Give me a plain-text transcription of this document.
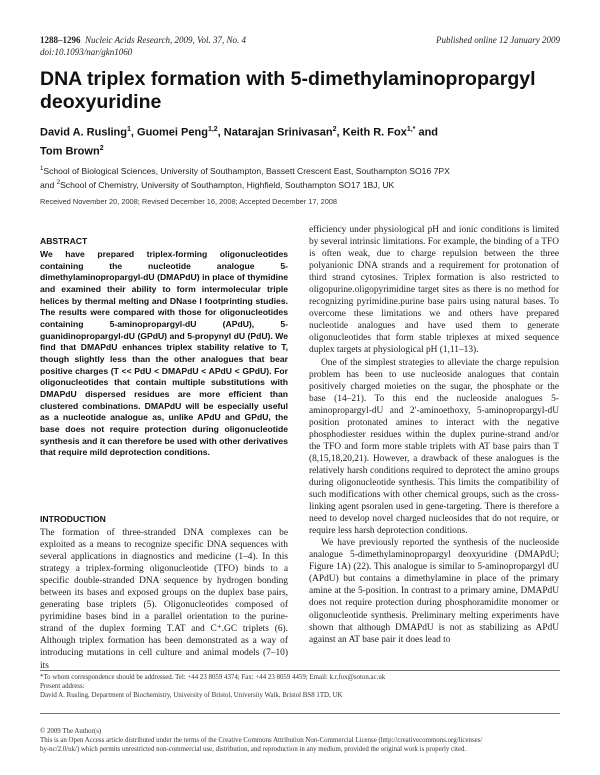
1288–1296 Nucleic Acids Research, 2009, Vol. 37, No. 4
doi:10.1093/nar/gkn1060
Published online 12 January 2009
DNA triplex formation with 5-dimethylaminopropargyl deoxyuridine
David A. Rusling$^1$, Guomei Peng$^{1,2}$, Natarajan Srinivasan$^2$, Keith R. Fox$^{1,*}$ and
Tom Brown$^2$
$^1$School of Biological Sciences, University of Southampton, Bassett Crescent East, Southampton SO16 7PX
and $^2$School of Chemistry, University of Southampton, Highfield, Southampton SO17 1BJ, UK
Received November 20, 2008; Revised December 16, 2008; Accepted December 17, 2008
ABSTRACT
We have prepared triplex-forming oligonucleotides containing the nucleotide analogue 5-dimethylaminopropargyl-dU (DMAPdU) in place of thymidine and examined their ability to form intermolecular triple helices by thermal melting and DNase I footprinting studies. The results were compared with those for oligonucleotides containing 5-aminopropargyl-dU (APdU), 5-guanidinopropargyl-dU (GPdU) and 5-propynyl dU (PdU). We find that DMAPdU enhances triplex stability relative to T, though slightly less than the other analogues that bear positive charges (T << PdU < DMAPdU < APdU < GPdU). For oligonucleotides that contain multiple substitutions with DMAPdU dispersed residues are more efficient than clustered combinations. DMAPdU will be especially useful as a nucleotide analogue as, unlike APdU and GPdU, the base does not require protection during oligonucleotide synthesis and it can therefore be used with other derivatives that require mild deprotection conditions.
INTRODUCTION

The formation of three-stranded DNA complexes can be exploited as a means to recognize specific DNA sequences with several applications in diagnostics and medicine (1–4). In this strategy a triplex-forming oligonucleotide (TFO) binds to a specific double-stranded DNA sequence by hydrogen bonding between its bases and exposed groups on the duplex base pairs, generating base triplets (5). Oligonucleotides composed of pyrimidine bases bind in a parallel orientation to the purine-strand of the duplex forming T.AT and C⁺.GC triplets (6). Although triplex formation has been demonstrated as a way of introducing mutations in cell culture and animal models (7–10) its

efficiency under physiological pH and ionic conditions is limited by several intrinsic limitations. For example, the binding of a TFO is often weak, due to charge repulsion between the three polyanionic DNA strands and a requirement for protonation of third strand cytosines. Triplex formation is also restricted to oligopurine.oligopyrimidine target sites as there is no method for recognizing pyrimidine.purine base pairs using natural bases. To overcome these limitations we and others have prepared nucleotide analogues and have used them to generate oligonucleotides that form stable triplexes at mixed sequence duplex targets at physiological pH (1,11–13).

One of the simplest strategies to alleviate the charge repulsion problem has been to use nucleoside analogues that contain positively charged moieties on the sugar, the phosphate or the base (14–21). To this end the nucleoside analogues 5-aminopropargyl-dU and 2′-aminoethoxy, 5-aminopropargyl-dU position protonated amines to interact with the negative phosphodiester residues within the duplex purine-strand and/or the TFO and form more stable triplets with AT base pairs than T (8,15,18,20,21). However, a drawback of these analogues is the relatively harsh conditions required to deprotect the amino groups during oligonucleotide synthesis. This limits the compatibility of such modifications with other chemical groups, such as the cross-linking agent psoralen used in gene-targeting. There is therefore a need to develop novel charged nucleosides that do not require, or require less harsh deprotection conditions.

We have previously reported the synthesis of the nucleoside analogue 5-dimethylaminopropargyl deoxyuridine (DMAPdU; Figure 1A) (22). This analogue is similar to 5-aminopropargyl dU (APdU) but contains a dimethylamine in place of the primary amine at the 5-position. In contrast to a primary amine, DMAPdU does not require protection during phosphoramidite monomer or oligonucleotide synthesis. Preliminary melting experiments have shown that although DMAPdU is not as stabilizing as APdU against an AT base pair it does lead to

*To whom correspondence should be addressed. Tel: +44 23 8059 4374; Fax: +44 23 8059 4459; Email: k.r.fox@soton.ac.uk
Present address:
David A. Rusling, Department of Biochemistry, University of Bristol, University Walk, Bristol BS8 1TD, UK
© 2009 The Author(s)
This is an Open Access article distributed under the terms of the Creative Commons Attribution Non-Commercial License (http://creativecommons.org/licenses/
by-nc/2.0/uk/) which permits unrestricted non-commercial use, distribution, and reproduction in any medium, provided the original work is properly cited.
